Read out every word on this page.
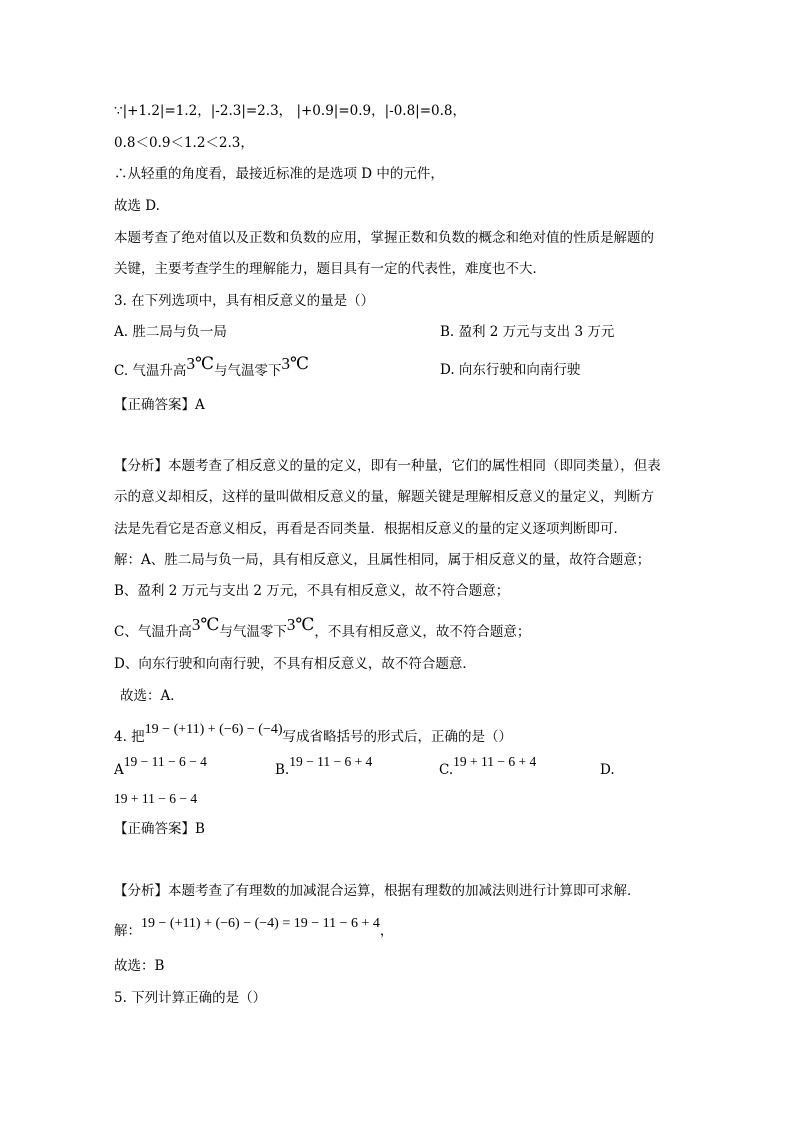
∵|+1.2|=1.2，|-2.3|=2.3， |+0.9|=0.9，|-0.8|=0.8，
0.8＜0.9＜1.2＜2.3，
∴从轻重的角度看，最接近标准的是选项 D 中的元件，
故选 D.
本题考查了绝对值以及正数和负数的应用，掌握正数和负数的概念和绝对值的性质是解题的
关键，主要考查学生的理解能力，题目具有一定的代表性，难度也不大．
3. 在下列选项中，具有相反意义的量是（）
A. 胜二局与负一局	B. 盈利 2 万元与支出 3 万元
C. 气温升高3℃与气温零下3℃	D. 向东行驶和向南行驶
【正确答案】A
【分析】本题考查了相反意义的量的定义，即有一种量，它们的属性相同（即同类量），但表
示的意义却相反，这样的量叫做相反意义的量，解题关键是理解相反意义的量定义，判断方
法是先看它是否意义相反，再看是否同类量．根据相反意义的量的定义逐项判断即可．
解：A、胜二局与负一局，具有相反意义，且属性相同，属于相反意义的量，故符合题意；
B、盈利 2 万元与支出 2 万元，不具有相反意义，故不符合题意；
C、气温升高3℃与气温零下3℃，不具有相反意义，故不符合题意；
D、向东行驶和向南行驶，不具有相反意义，故不符合题意．
故选：A．
4. 把19 − (+11) + (−6) − (−4)写成省略括号的形式后，正确的是（）
A19 − 11 − 6 − 4
B.19 − 11 − 6 + 4
C.19 + 11 − 6 + 4
D.
19 + 11 − 6 − 4
【正确答案】B
【分析】本题考查了有理数的加减混合运算，根据有理数的加减法则进行计算即可求解．
解：19 − (+11) + (−6) − (−4) = 19 − 11 − 6 + 4，
故选：B
5. 下列计算正确的是（）
